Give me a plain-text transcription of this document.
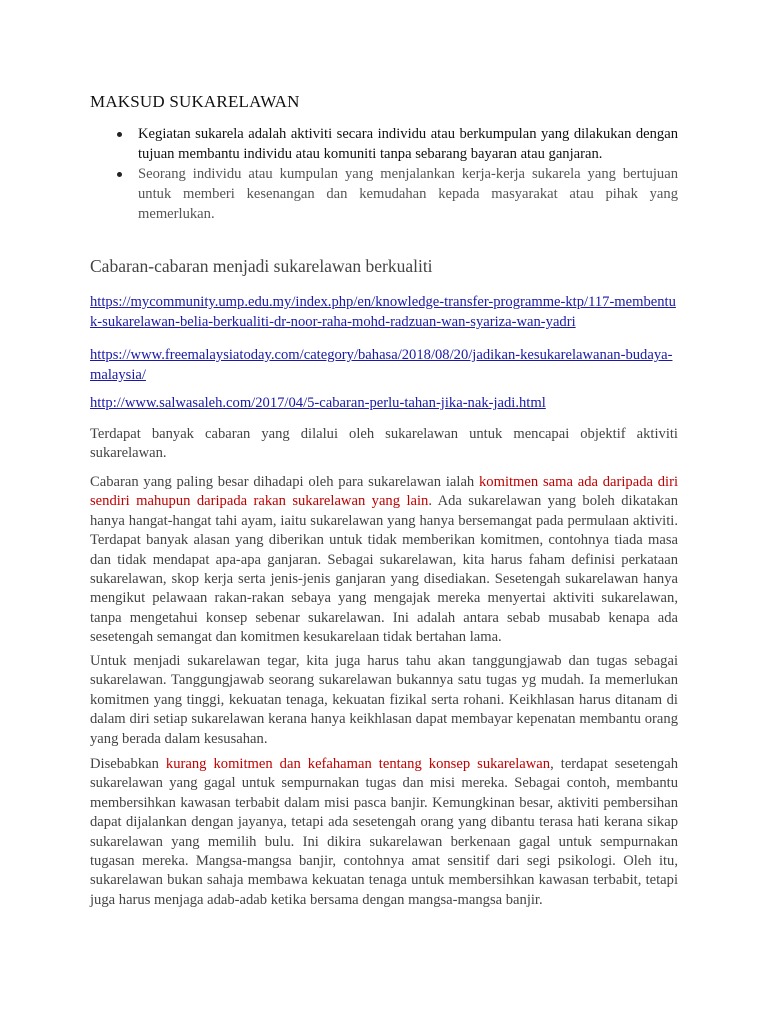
MAKSUD SUKARELAWAN
Kegiatan sukarela adalah aktiviti secara individu atau berkumpulan yang dilakukan dengan tujuan membantu individu atau komuniti tanpa sebarang bayaran atau ganjaran.
Seorang individu atau kumpulan yang menjalankan kerja-kerja sukarela yang bertujuan untuk memberi kesenangan dan kemudahan kepada masyarakat atau pihak yang memerlukan.
Cabaran-cabaran menjadi sukarelawan berkualiti
https://mycommunity.ump.edu.my/index.php/en/knowledge-transfer-programme-ktp/117-membentuk-sukarelawan-belia-berkualiti-dr-noor-raha-mohd-radzuan-wan-syariza-wan-yadri
https://www.freemalaysiatoday.com/category/bahasa/2018/08/20/jadikan-kesukarelawanan-budaya-malaysia/
http://www.salwasaleh.com/2017/04/5-cabaran-perlu-tahan-jika-nak-jadi.html

Terdapat banyak cabaran yang dilalui oleh sukarelawan untuk mencapai objektif aktiviti sukarelawan.

Cabaran yang paling besar dihadapi oleh para sukarelawan ialah komitmen sama ada daripada diri sendiri mahupun daripada rakan sukarelawan yang lain. Ada sukarelawan yang boleh dikatakan hanya hangat-hangat tahi ayam, iaitu sukarelawan yang hanya bersemangat pada permulaan aktiviti. Terdapat banyak alasan yang diberikan untuk tidak memberikan komitmen, contohnya tiada masa dan tidak mendapat apa-apa ganjaran. Sebagai sukarelawan, kita harus faham definisi perkataan sukarelawan, skop kerja serta jenis-jenis ganjaran yang disediakan. Sesetengah sukarelawan hanya mengikut pelawaan rakan-rakan sebaya yang mengajak mereka menyertai aktiviti sukarelawan, tanpa mengetahui konsep sebenar sukarelawan. Ini adalah antara sebab musabab kenapa ada sesetengah semangat dan komitmen kesukarelaan tidak bertahan lama.

Untuk menjadi sukarelawan tegar, kita juga harus tahu akan tanggungjawab dan tugas sebagai sukarelawan. Tanggungjawab seorang sukarelawan bukannya satu tugas yg mudah. Ia memerlukan komitmen yang tinggi, kekuatan tenaga, kekuatan fizikal serta rohani. Keikhlasan harus ditanam di dalam diri setiap sukarelawan kerana hanya keikhlasan dapat membayar kepenatan membantu orang yang berada dalam kesusahan.

Disebabkan kurang komitmen dan kefahaman tentang konsep sukarelawan, terdapat sesetengah sukarelawan yang gagal untuk sempurnakan tugas dan misi mereka. Sebagai contoh, membantu membersihkan kawasan terbabit dalam misi pasca banjir. Kemungkinan besar, aktiviti pembersihan dapat dijalankan dengan jayanya, tetapi ada sesetengah orang yang dibantu terasa hati kerana sikap sukarelawan yang memilih bulu. Ini dikira sukarelawan berkenaan gagal untuk sempurnakan tugasan mereka. Mangsa-mangsa banjir, contohnya amat sensitif dari segi psikologi. Oleh itu, sukarelawan bukan sahaja membawa kekuatan tenaga untuk membersihkan kawasan terbabit, tetapi juga harus menjaga adab-adab ketika bersama dengan mangsa-mangsa banjir.
